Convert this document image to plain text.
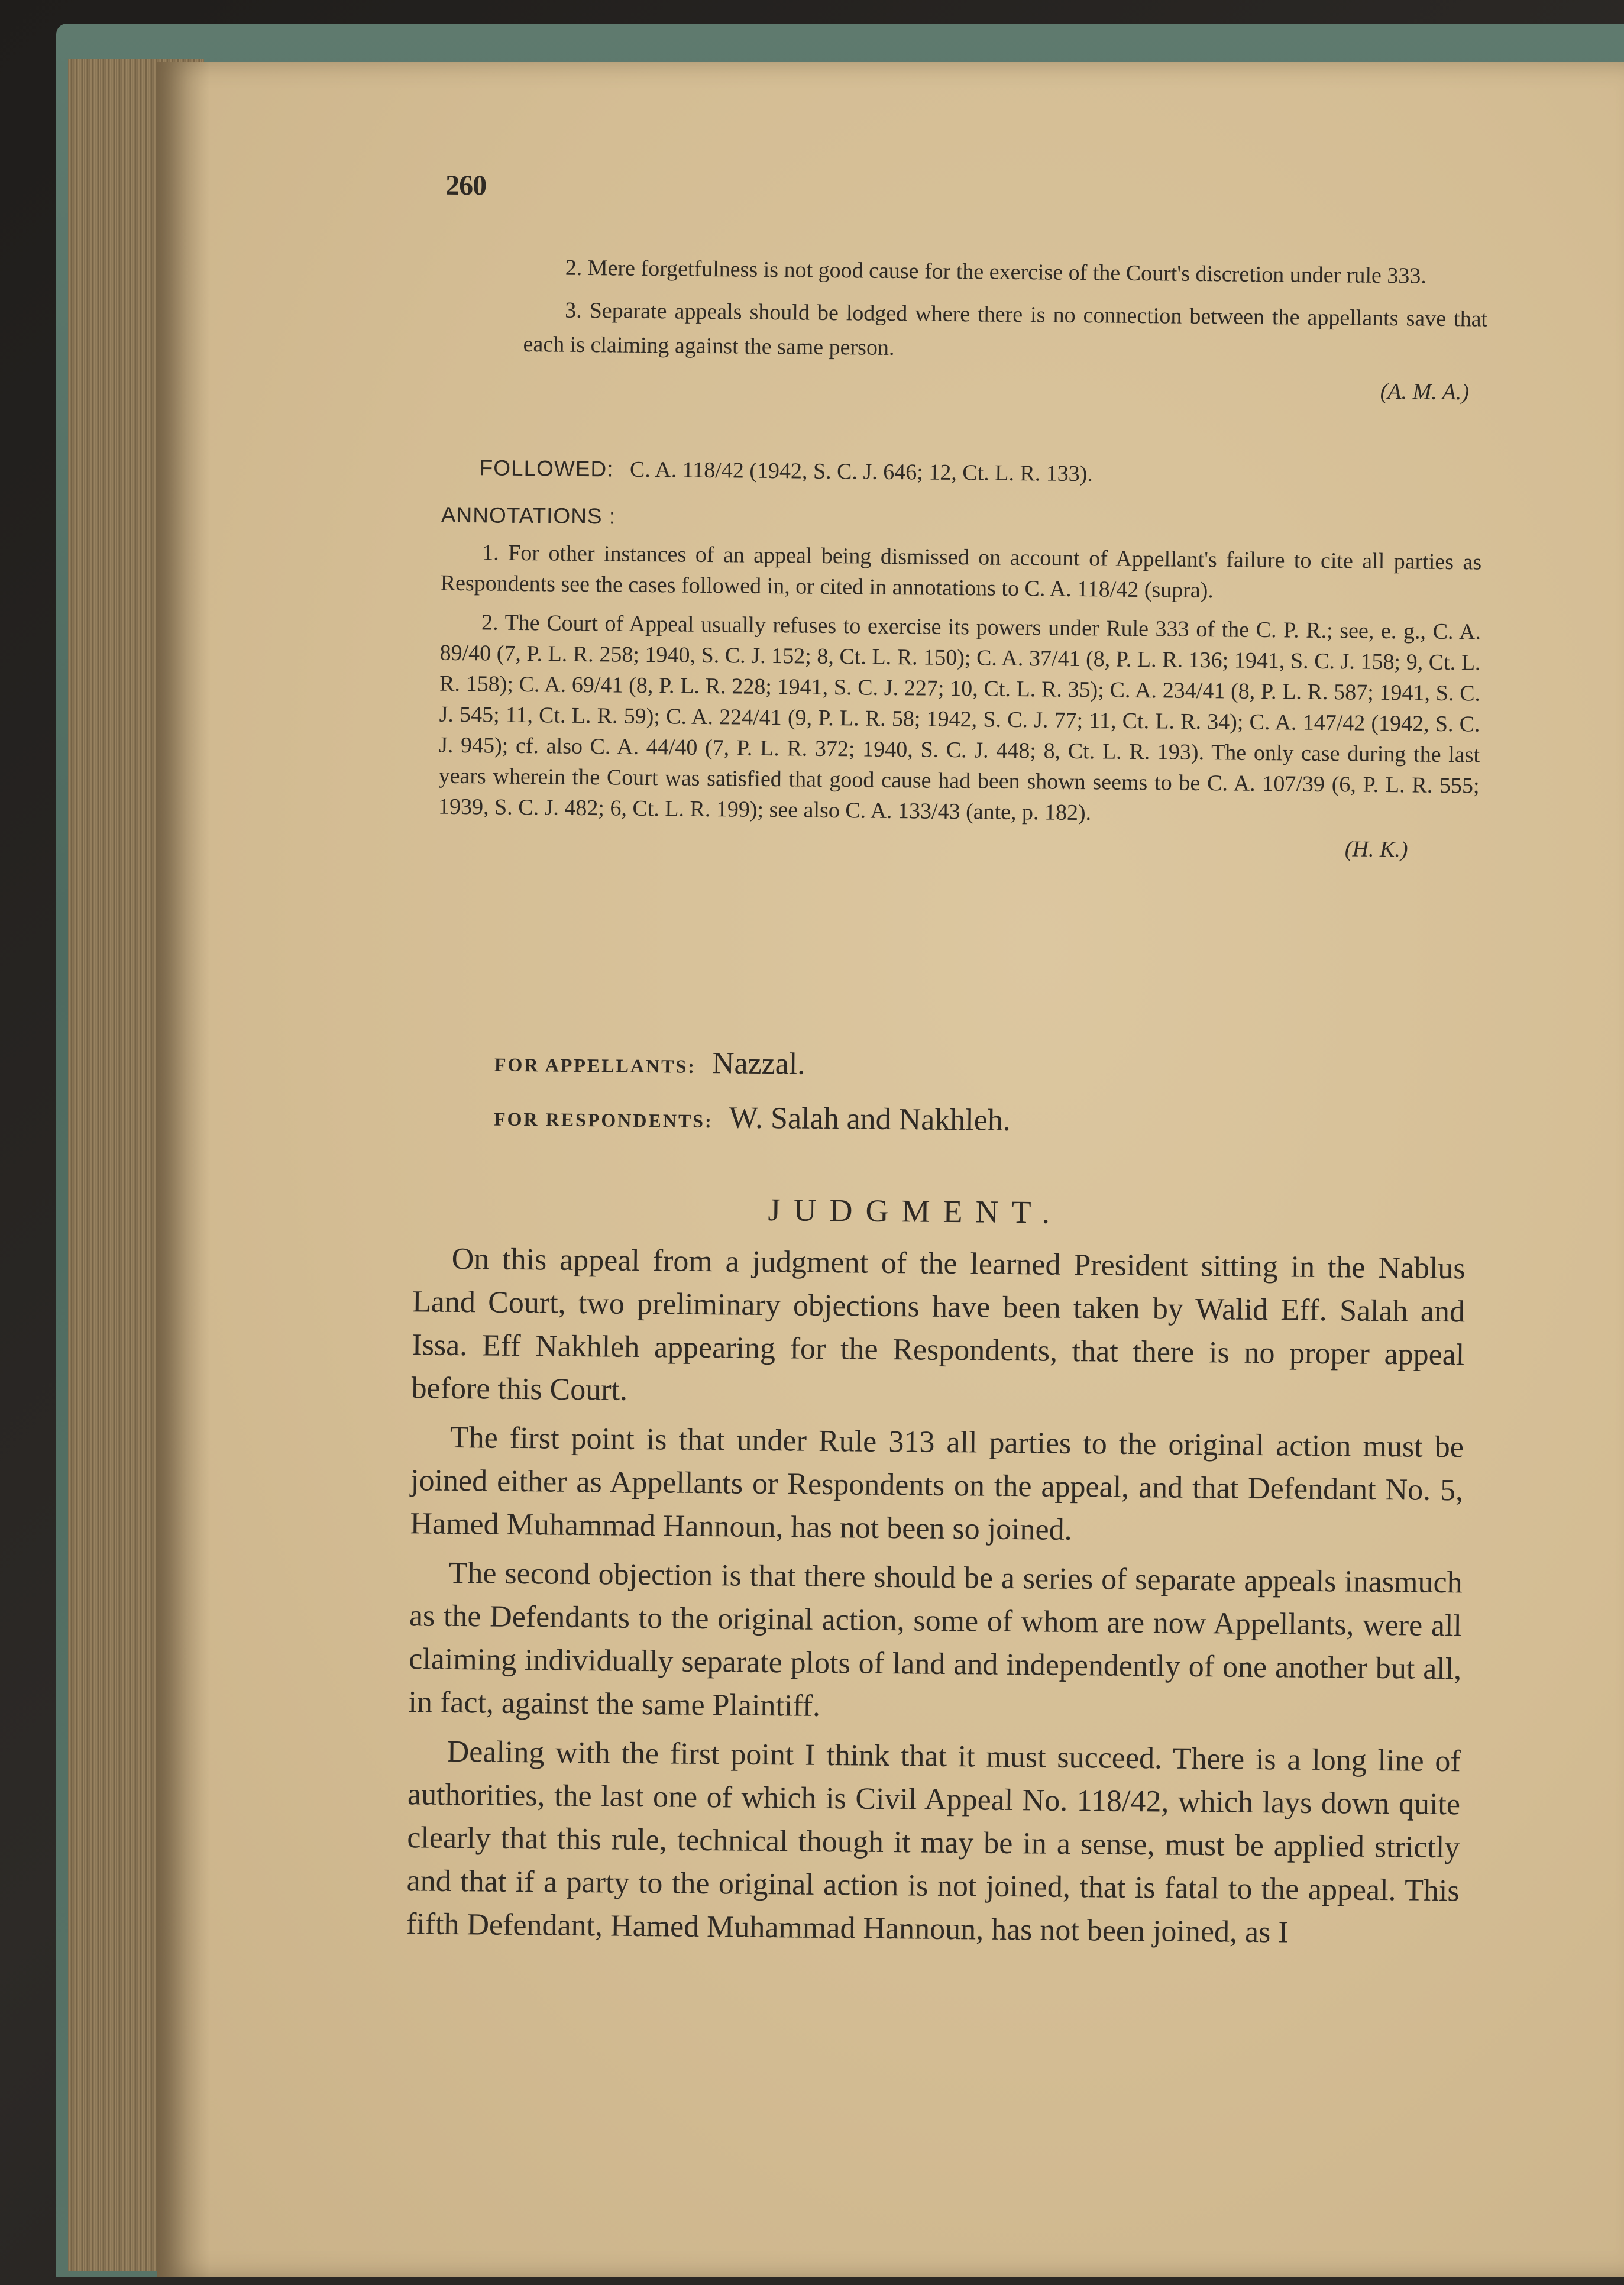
260

2. Mere forgetfulness is not good cause for the exercise of the Court's discretion under rule 333.

3. Separate appeals should be lodged where there is no connection between the appellants save that each is claiming against the same person.

(A. M. A.)
FOLLOWED: C. A. 118/42 (1942, S. C. J. 646; 12, Ct. L. R. 133).
ANNOTATIONS :

1. For other instances of an appeal being dismissed on account of Appellant's failure to cite all parties as Respondents see the cases followed in, or cited in annotations to C. A. 118/42 (supra).

2. The Court of Appeal usually refuses to exercise its powers under Rule 333 of the C. P. R.; see, e. g., C. A. 89/40 (7, P. L. R. 258; 1940, S. C. J. 152; 8, Ct. L. R. 150); C. A. 37/41 (8, P. L. R. 136; 1941, S. C. J. 158; 9, Ct. L. R. 158); C. A. 69/41 (8, P. L. R. 228; 1941, S. C. J. 227; 10, Ct. L. R. 35); C. A. 234/41 (8, P. L. R. 587; 1941, S. C. J. 545; 11, Ct. L. R. 59); C. A. 224/41 (9, P. L. R. 58; 1942, S. C. J. 77; 11, Ct. L. R. 34); C. A. 147/42 (1942, S. C. J. 945); cf. also C. A. 44/40 (7, P. L. R. 372; 1940, S. C. J. 448; 8, Ct. L. R. 193). The only case during the last years wherein the Court was satisfied that good cause had been shown seems to be C. A. 107/39 (6, P. L. R. 555; 1939, S. C. J. 482; 6, Ct. L. R. 199); see also C. A. 133/43 (ante, p. 182).

(H. K.)
FOR APPELLANTS: Nazzal.
FOR RESPONDENTS: W. Salah and Nakhleh.
JUDGMENT.

On this appeal from a judgment of the learned President sitting in the Nablus Land Court, two preliminary objections have been taken by Walid Eff. Salah and Issa. Eff Nakhleh appearing for the Respondents, that there is no proper appeal before this Court.

The first point is that under Rule 313 all parties to the original action must be joined either as Appellants or Respondents on the appeal, and that Defendant No. 5, Hamed Muhammad Hannoun, has not been so joined.

The second objection is that there should be a series of separate appeals inasmuch as the Defendants to the original action, some of whom are now Appellants, were all claiming individually separate plots of land and independently of one another but all, in fact, against the same Plaintiff.

Dealing with the first point I think that it must succeed. There is a long line of authorities, the last one of which is Civil Appeal No. 118/42, which lays down quite clearly that this rule, technical though it may be in a sense, must be applied strictly and that if a party to the original action is not joined, that is fatal to the appeal. This fifth Defendant, Hamed Muhammad Hannoun, has not been joined, as I
